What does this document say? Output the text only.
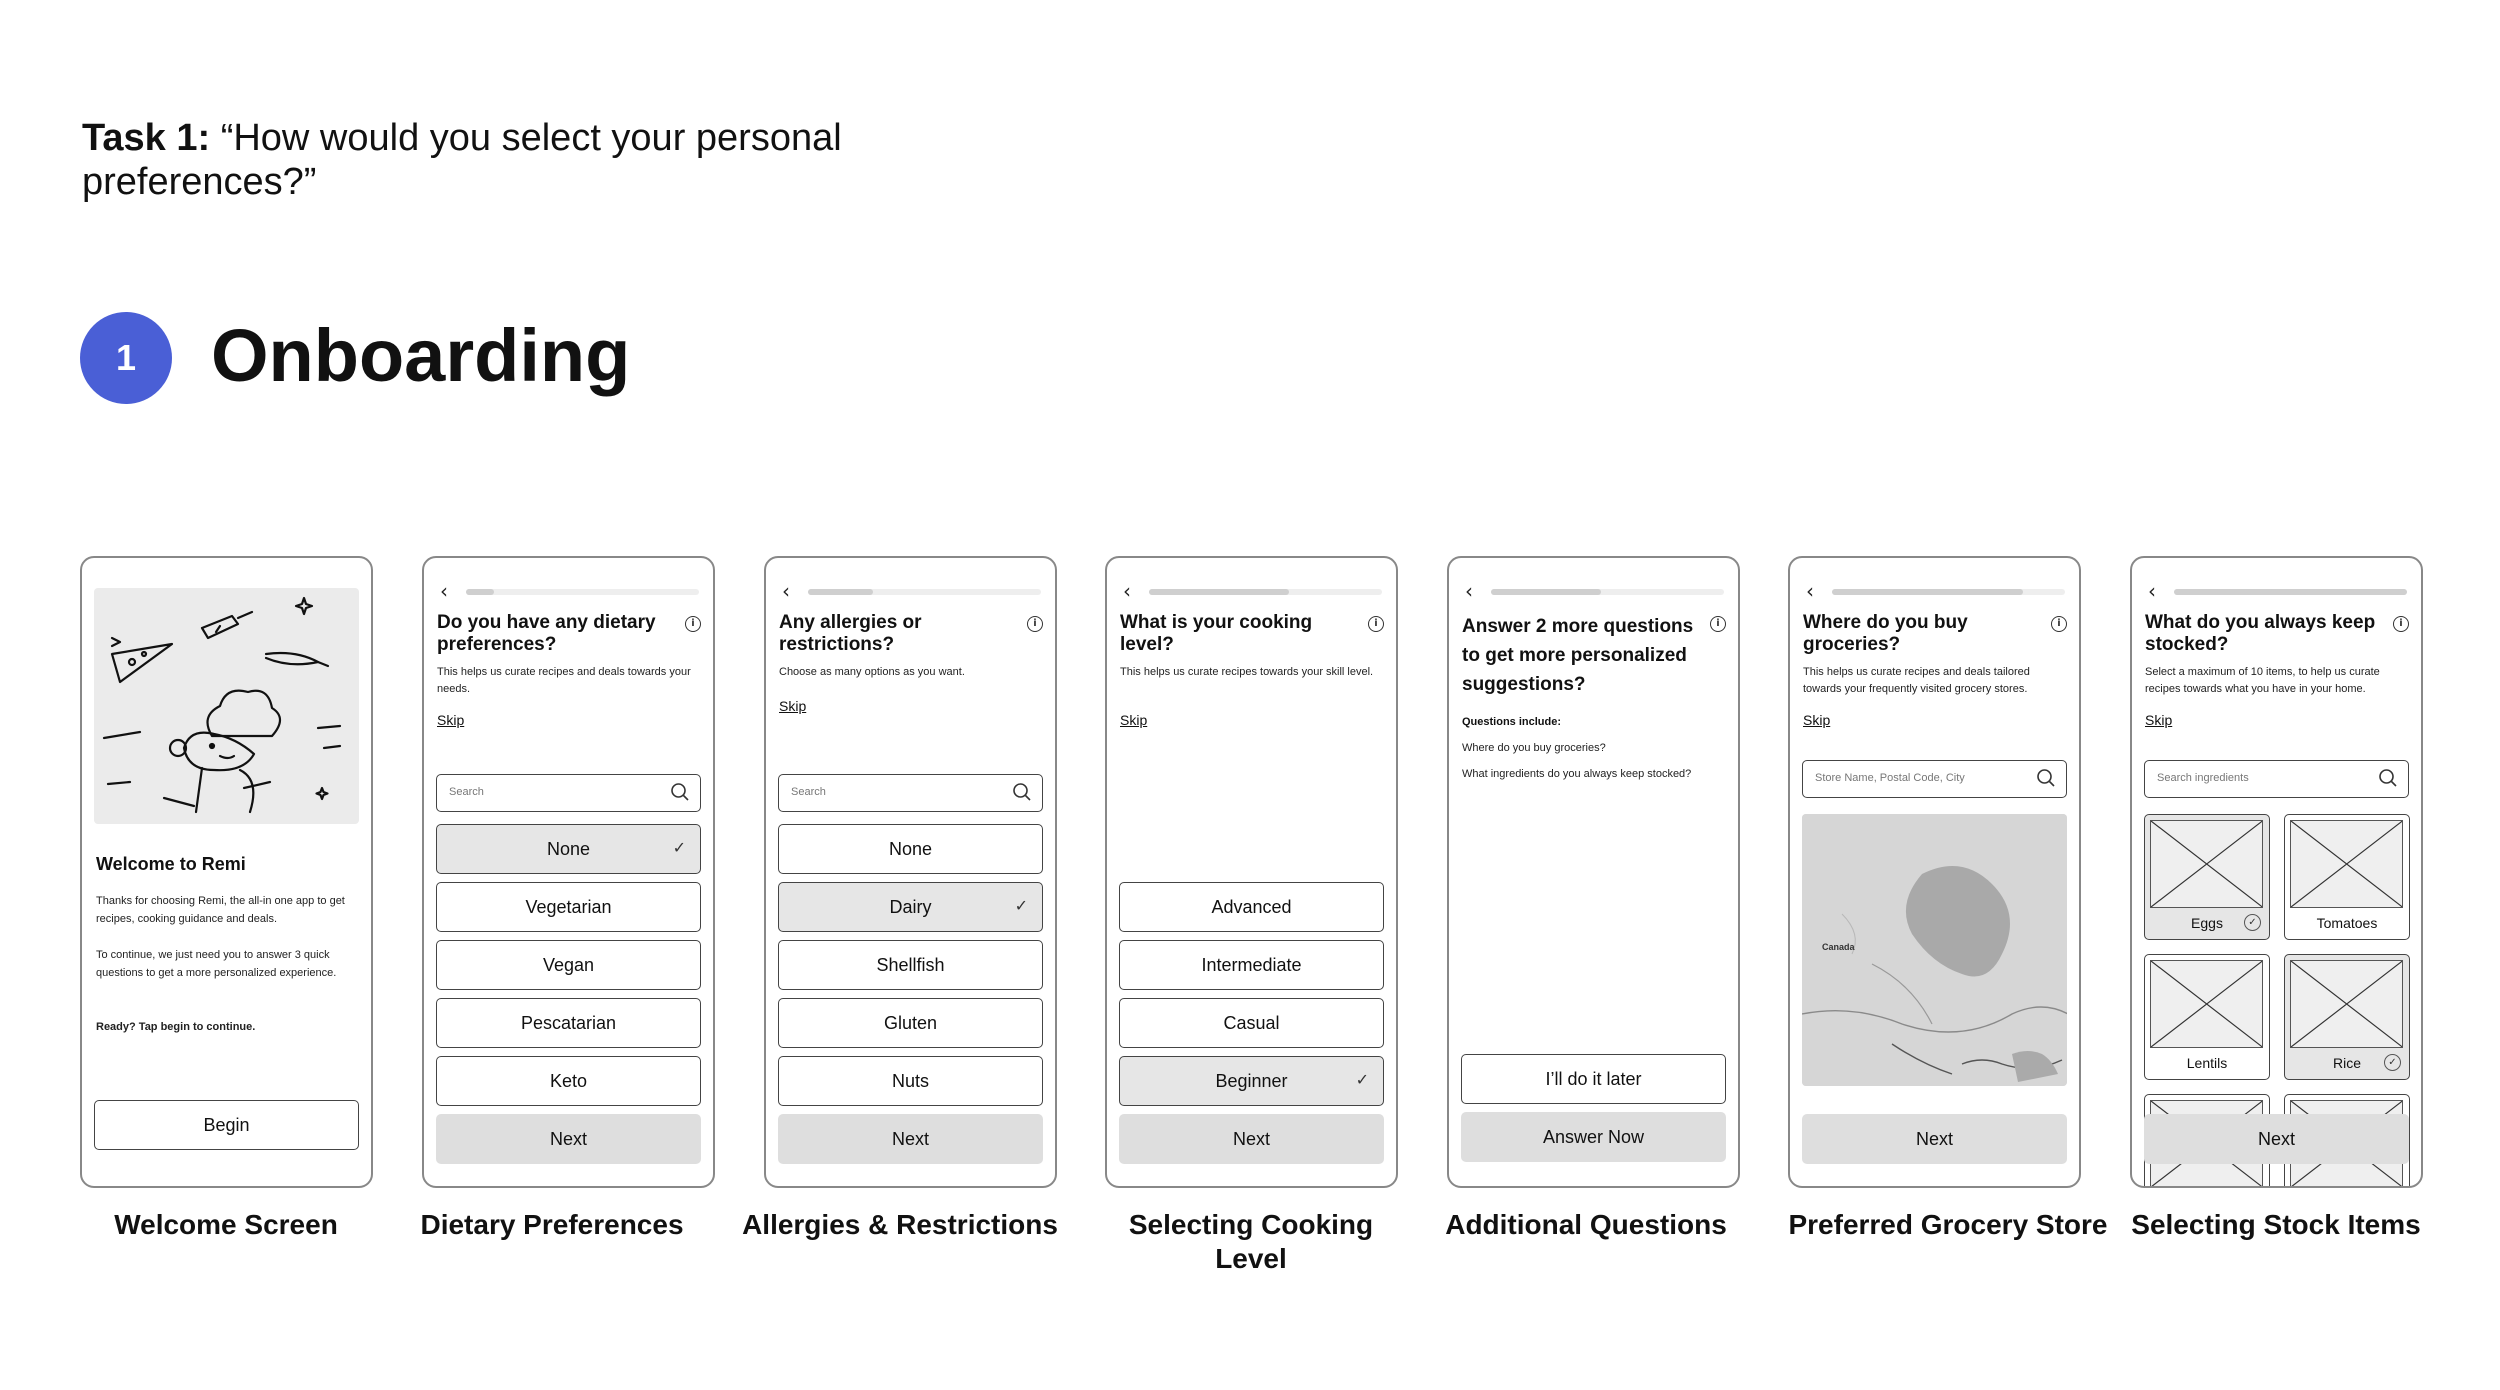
Task 1: “How would you select your personal preferences?”
1	Onboarding
Welcome to Remi
Thanks for choosing Remi, the all-in one app to get recipes, cooking guidance and deals.
To continue, we just need you to answer 3 quick questions to get a more personalized experience.
Ready? Tap begin to continue.
Begin
Welcome Screen
‹
Do you have any dietary preferences?
i
This helps us curate recipes and deals towards your needs.
Skip
Search
None	✓
Vegetarian
Vegan
Pescatarian
Keto
Next
Dietary Preferences
‹
Any allergies or restrictions?
i
Choose as many options as you want.
Skip
Search
None
Dairy	✓
Shellfish
Gluten
Nuts
Next
Allergies & Restrictions
‹
What is your cooking level?
i
This helps us curate recipes towards your skill level.
Skip
Advanced
Intermediate
Casual
Beginner	✓
Next
Selecting Cooking Level
‹
Answer 2 more questions to get more personalized suggestions?
i
Questions include:
Where do you buy groceries?
What ingredients do you always keep stocked?
I’ll do it later
Answer Now
Additional Questions
‹
Where do you buy groceries?
i
This helps us curate recipes and deals tailored towards your frequently visited grocery stores.
Skip
Store Name, Postal Code, City
Canada
Next
Preferred Grocery Store
‹
What do you always keep stocked?
i
Select a maximum of 10 items, to help us curate recipes towards what you have in your home.
Skip
Search ingredients
Eggs	✓	Tomatoes
Lentils	Rice	✓
Next
Selecting Stock Items
